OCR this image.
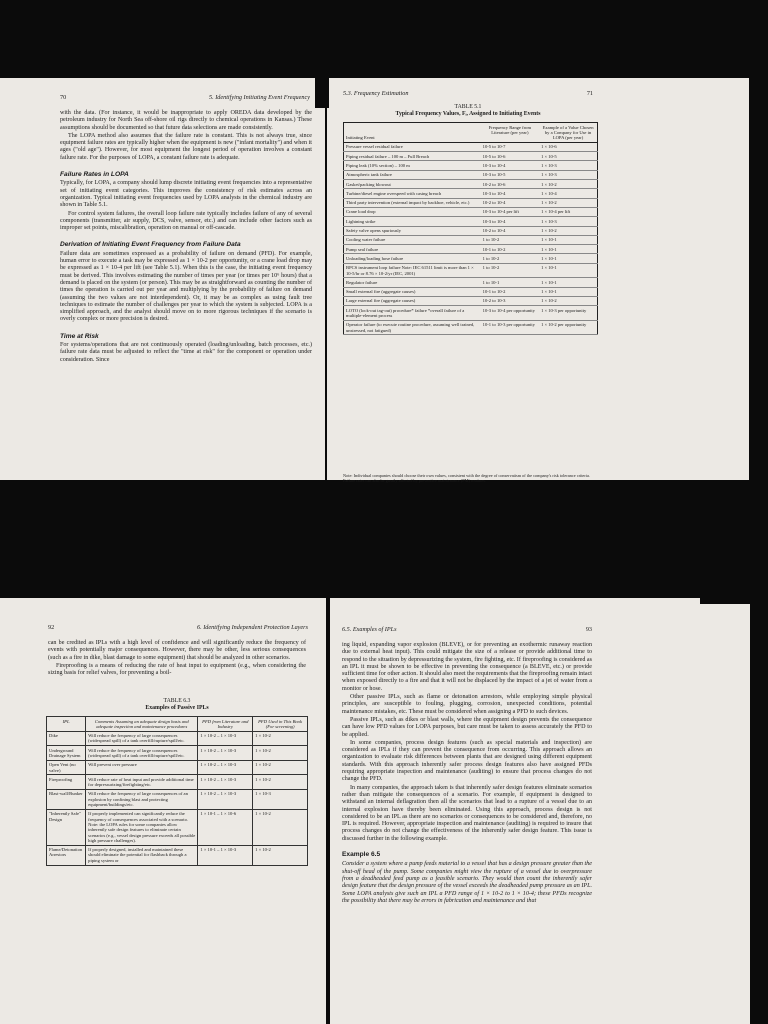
70	5. Identifying Initiating Event Frequency

with the data. (For instance, it would be inappropriate to apply OREDA data developed by the petroleum industry for North Sea off-shore oil rigs directly to chemical operations in Kansas.) These assumptions should be documented so that future data selections are made consistently.

The LOPA method also assumes that the failure rate is constant. This is not always true, since equipment failure rates are typically higher when the equipment is new ("infant mortality") and when it ages ("old age"). However, for most equipment the longest period of operation involves a constant failure rate. For the purposes of LOPA, a constant failure rate is adequate.

Failure Rates in LOPA

Typically, for LOPA, a company should lump discrete initiating event frequencies into a representative set of initiating event categories. This improves the consistency of risk estimates across an organization. Typical initiating event frequencies used by LOPA analysts in the chemical industry are shown in Table 5.1.

For control system failures, the overall loop failure rate typically includes failure of any of several components (transmitter, air supply, DCS, valve, sensor, etc.) and can include other factors such as improper set points, miscalibration, operation on manual or off-cascade.

Derivation of Initiating Event Frequency from Failure Data

Failure data are sometimes expressed as a probability of failure on demand (PFD). For example, human error to execute a task may be expressed as 1 × 10-2 per opportunity, or a crane load drop may be expressed as 1 × 10-4 per lift (see Table 5.1). When this is the case, the initiating event frequency must be derived. This involves estimating the number of times per year (or times per 10⁶ hours) that a demand is placed on the system (or person). This may be as straightforward as counting the number of times the operation is carried out per year and multiplying by the probability of failure on demand (assuming the two values are not interdependent). Or, it may be as complex as using fault tree techniques to estimate the number of challenges per year to which the system is subjected. LOPA is a simplified approach, and the analyst should move on to more rigorous techniques if the scenario is overly complex or more precision is desired.

Time at Risk

For systems/operations that are not continuously operated (loading/unloading, batch processes, etc.) failure rate data must be adjusted to reflect the "time at risk" for the component or operation under consideration. Since

5.3. Frequency Estimation	71
TABLE 5.1
Typical Frequency Values, Fᵢ, Assigned to Initiating Events
Initiating Event	Frequency Range from Literature (per year)	Example of a Value Chosen by a Company for Use in LOPA (per year)
Pressure vessel residual failure	10-5 to 10-7	1 × 10-6
Piping residual failure – 100 m – Full Breach	10-5 to 10-6	1 × 10-5
Piping leak (10% section) – 100 m	10-3 to 10-4	1 × 10-3
Atmospheric tank failure	10-3 to 10-5	1 × 10-3
Gasket/packing blowout	10-2 to 10-6	1 × 10-2
Turbine/diesel engine overspeed with casing breach	10-3 to 10-4	1 × 10-4
Third party intervention (external impact by backhoe, vehicle, etc.)	10-2 to 10-4	1 × 10-2
Crane load drop	10-3 to 10-4 per lift	1 × 10-4 per lift
Lightning strike	10-3 to 10-4	1 × 10-3
Safety valve opens spuriously	10-2 to 10-4	1 × 10-2
Cooling water failure	1 to 10-2	1 × 10-1
Pump seal failure	10-1 to 10-2	1 × 10-1
Unloading/loading hose failure	1 to 10-2	1 × 10-1
BPCS instrument loop failure Note: IEC 61511 limit is more than 1 × 10-5/hr or 8.76 × 10-2/yr (IEC, 2001)	1 to 10-2	1 × 10-1
Regulator failure	1 to 10-1	1 × 10-1
Small external fire (aggregate causes)	10-1 to 10-2	1 × 10-1
Large external fire (aggregate causes)	10-2 to 10-3	1 × 10-2
LOTO (lock-out tag-out) procedure* failure *overall failure of a multiple-element process	10-3 to 10-4 per opportunity	1 × 10-3 per opportunity
Operator failure (to execute routine procedure, assuming well trained, unstressed, not fatigued)	10-1 to 10-3 per opportunity	1 × 10-2 per opportunity
Note: Individual companies should choose their own values, consistent with the degree of conservatism of the company's risk tolerance criteria. Failure rates can also be greatly affected by preventive maintenance (PM) routines.
92	6. Identifying Independent Protection Layers

can be credited as IPLs with a high level of confidence and will significantly reduce the frequency of events with potentially major consequences. However, there may be other, less serious consequences (such as a fire in dike, blast damage to some equipment) that should be analyzed in other scenarios.

Fireproofing is a means of reducing the rate of heat input to equipment (e.g., when considering the sizing basis for relief valves, for preventing a boil-

TABLE 6.3
Examples of Passive IPLs
IPL	Comments Assuming an adequate design basis and adequate inspection and maintenance procedures	PFD from Literature and Industry	PFD Used in This Book (For screening)
Dike	Will reduce the frequency of large consequences (widespread spill) of a tank overfill/rupture/spill/etc.	1 × 10-2 – 1 × 10-3	1 × 10-2
Underground Drainage System	Will reduce the frequency of large consequences (widespread spill) of a tank overfill/rupture/spill/etc.	1 × 10-2 – 1 × 10-3	1 × 10-2
Open Vent (no valve)	Will prevent over pressure	1 × 10-2 – 1 × 10-3	1 × 10-2
Fireproofing	Will reduce rate of heat input and provide additional time for depressurizing/firefighting/etc.	1 × 10-2 – 1 × 10-3	1 × 10-2
Blast-wall/Bunker	Will reduce the frequency of large consequences of an explosion by confining blast and protecting equipment/buildings/etc.	1 × 10-2 – 1 × 10-3	1 × 10-3
"Inherently Safe" Design	If properly implemented can significantly reduce the frequency of consequences associated with a scenario. Note: the LOPA rules for some companies allow inherently safe design features to eliminate certain scenarios (e.g., vessel design pressure exceeds all possible high pressure challenges).	1 × 10-1 – 1 × 10-6	1 × 10-2
Flame/Detonation Arrestors	If properly designed, installed and maintained these should eliminate the potential for flashback through a piping system or	1 × 10-1 – 1 × 10-3	1 × 10-2
6.5. Examples of IPLs	93

ing liquid, expanding vapor explosion (BLEVE), or for preventing an exothermic runaway reaction due to external heat input). This could mitigate the size of a release or provide additional time to respond to the situation by depressurizing the system, fire fighting, etc. If fireproofing is considered as an IPL it must be shown to be effective in preventing the consequence (a BLEVE, etc.) or provide sufficient time for other action. It should also meet the requirements that the fireproofing remain intact when exposed directly to a fire and that it will not be displaced by the impact of a jet of water from a monitor or hose.

Other passive IPLs, such as flame or detonation arrestors, while employing simple physical principles, are susceptible to fouling, plugging, corrosion, unexpected conditions, potential maintenance mistakes, etc. These must be considered when assigning a PFD to such devices.

Passive IPLs, such as dikes or blast walls, where the equipment design prevents the consequence can have low PFD values for LOPA purposes, but care must be taken to assess accurately the PFD to be applied.

In some companies, process design features (such as special materials and inspection) are considered as IPLs if they can prevent the consequence from occurring. This approach allows an organization to evaluate risk differences between plants that are designed using different equipment standards. With this approach inherently safer process design features also have assigned PFDs requiring appropriate inspection and maintenance (auditing) to ensure that process changes do not change the PFD.

In many companies, the approach taken is that inherently safer design features eliminate scenarios rather than mitigate the consequences of a scenario. For example, if equipment is designed to withstand an internal deflagration then all the scenarios that lead to a rupture of a vessel due to an internal explosion have thereby been eliminated. Using this approach, process design is not considered to be an IPL as there are no scenarios or consequences to be considered and, therefore, no IPL is required. However, appropriate inspection and maintenance (auditing) is required to insure that process changes do not change the effectiveness of the inherently safer design feature. This issue is discussed further in the following example.

Example 6.5

Consider a system where a pump feeds material to a vessel that has a design pressure greater than the shut-off head of the pump. Some companies might view the rupture of a vessel due to overpressure from a deadheaded feed pump as a feasible scenario. They would then count the inherently safer design feature that the design pressure of the vessel exceeds the deadheaded pump pressure as an IPL. Some LOPA analysts give such an IPL a PFD range of 1 × 10-2 to 1 × 10-4; these PFDs recognize the possibility that there may be errors in fabrication and maintenance and that
